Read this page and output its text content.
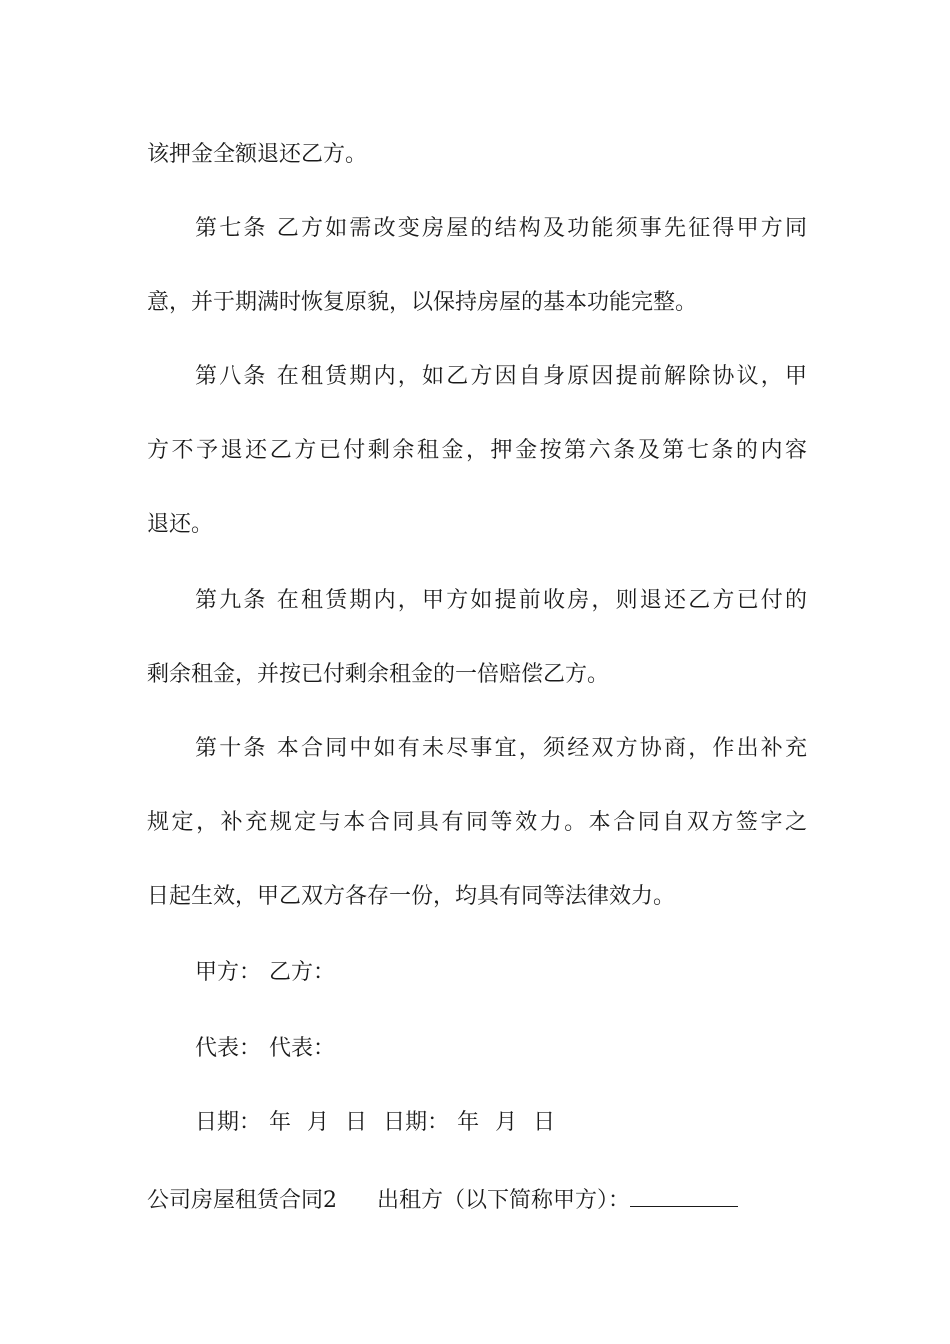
该押金全额退还乙方。
第七条 乙方如需改变房屋的结构及功能须事先征得甲方同
意，并于期满时恢复原貌，以保持房屋的基本功能完整。
第八条 在租赁期内，如乙方因自身原因提前解除协议，甲
方不予退还乙方已付剩余租金，押金按第六条及第七条的内容
退还。
第九条 在租赁期内，甲方如提前收房，则退还乙方已付的
剩余租金，并按已付剩余租金的一倍赔偿乙方。
第十条 本合同中如有未尽事宜，须经双方协商，作出补充
规定，补充规定与本合同具有同等效力。本合同自双方签字之
日起生效，甲乙双方各存一份，均具有同等法律效力。
甲方： 乙方：
代表： 代表：
日期： 年 月 日 日期： 年 月 日
公司房屋租赁合同2 出租方（以下简称甲方）：
